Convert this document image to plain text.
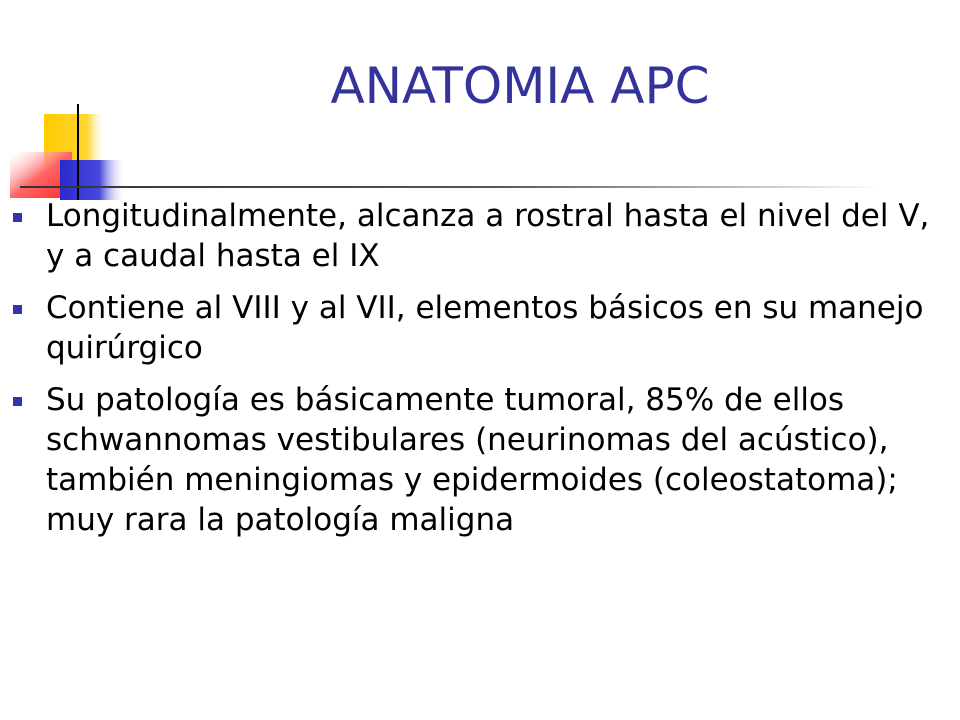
ANATOMIA APC
Longitudinalmente, alcanza a rostral hasta el nivel del V, y a caudal hasta el IX
Contiene al VIII y al VII, elementos básicos en su manejo quirúrgico
Su patología es básicamente tumoral, 85% de ellos schwannomas vestibulares (neurinomas del acústico), también meningiomas y epidermoides (coleostatoma); muy rara la patología maligna
